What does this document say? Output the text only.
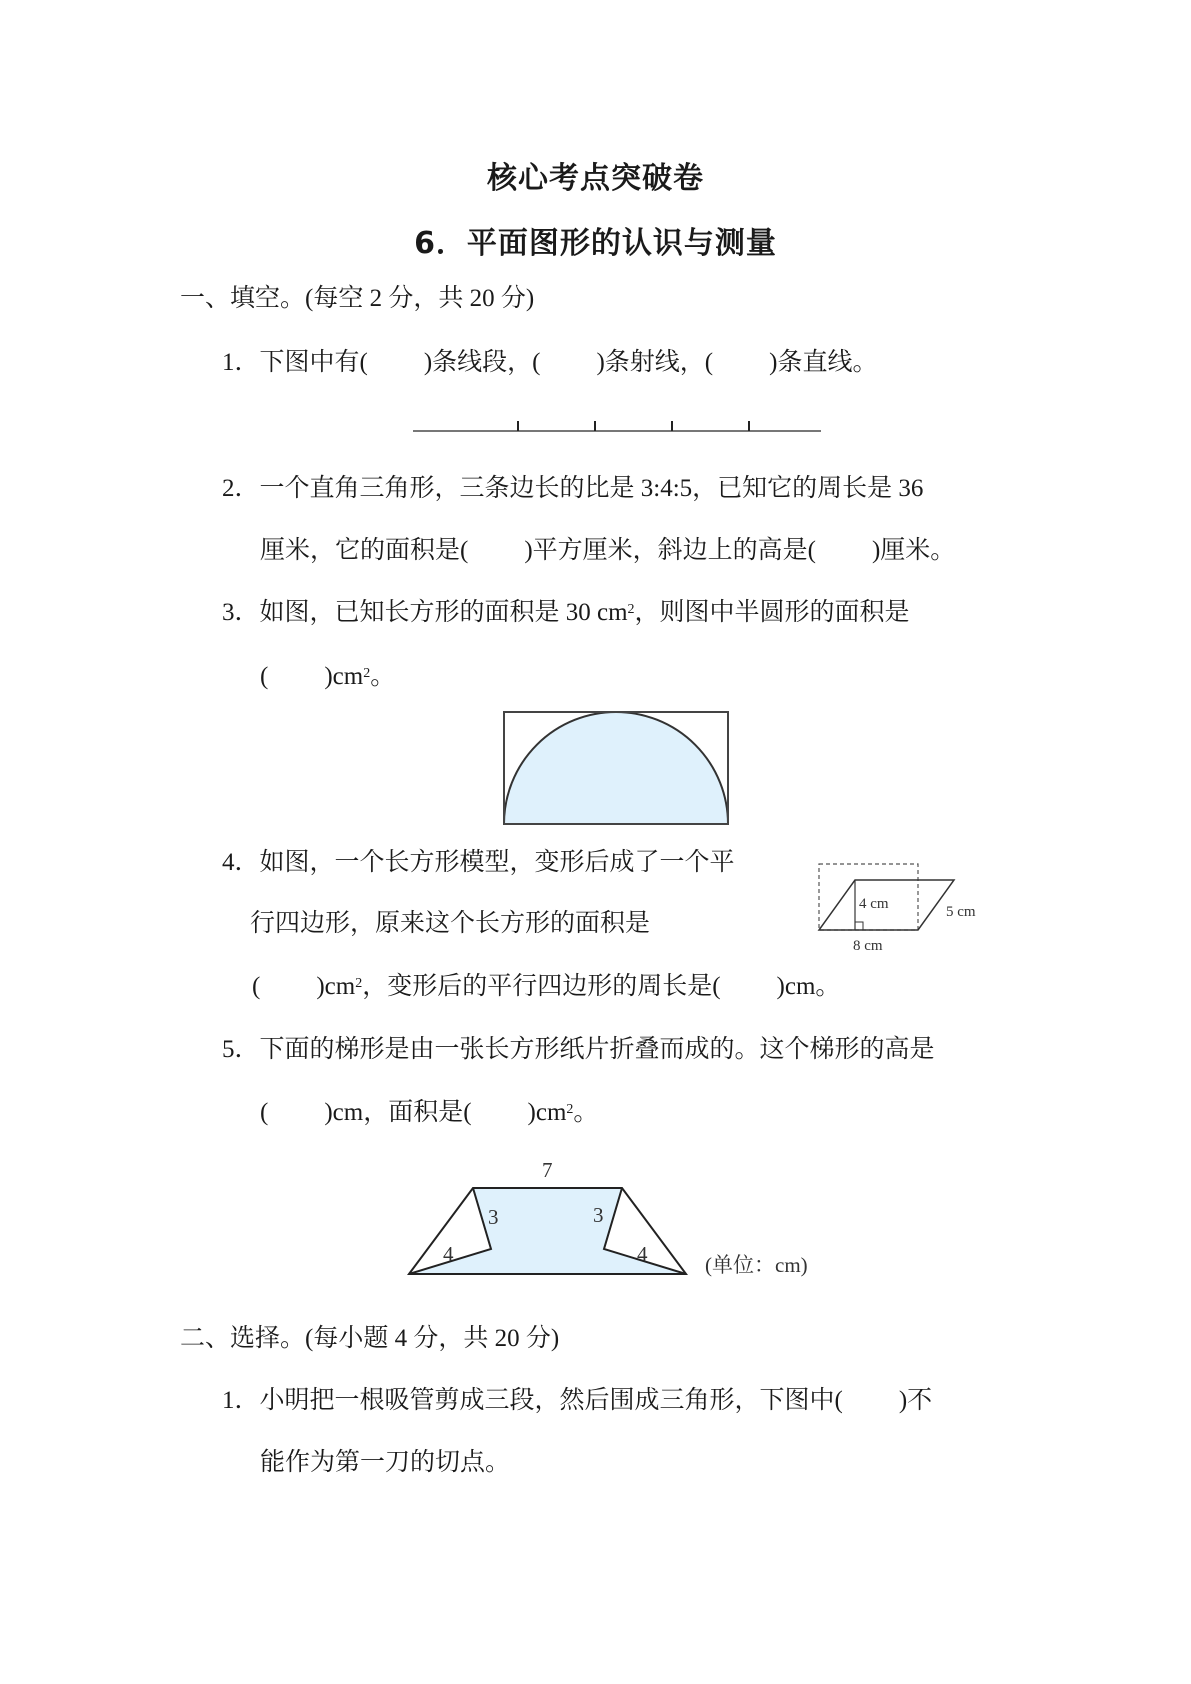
核心考点突破卷
6．平面图形的认识与测量
一、填空。(每空 2 分，共 20 分)
1．下图中有( )条线段，( )条射线，( )条直线。
2．一个直角三角形，三条边长的比是 3:4:5，已知它的周长是 36
厘米，它的面积是( )平方厘米，斜边上的高是( )厘米。
3．如图，已知长方形的面积是 30 $cm^2$，则图中半圆形的面积是
( )$cm^2$。
4．如图，一个长方形模型，变形后成了一个平
行四边形，原来这个长方形的面积是
( )$cm^2$，变形后的平行四边形的周长是( )cm。
4 cm	5 cm
8 cm
5．下面的梯形是由一张长方形纸片折叠而成的。这个梯形的高是
( )cm，面积是( )$cm^2$。
7
3	3
4	4	(单位：cm)
二、选择。(每小题 4 分，共 20 分)
1．小明把一根吸管剪成三段，然后围成三角形，下图中( )不
能作为第一刀的切点。
